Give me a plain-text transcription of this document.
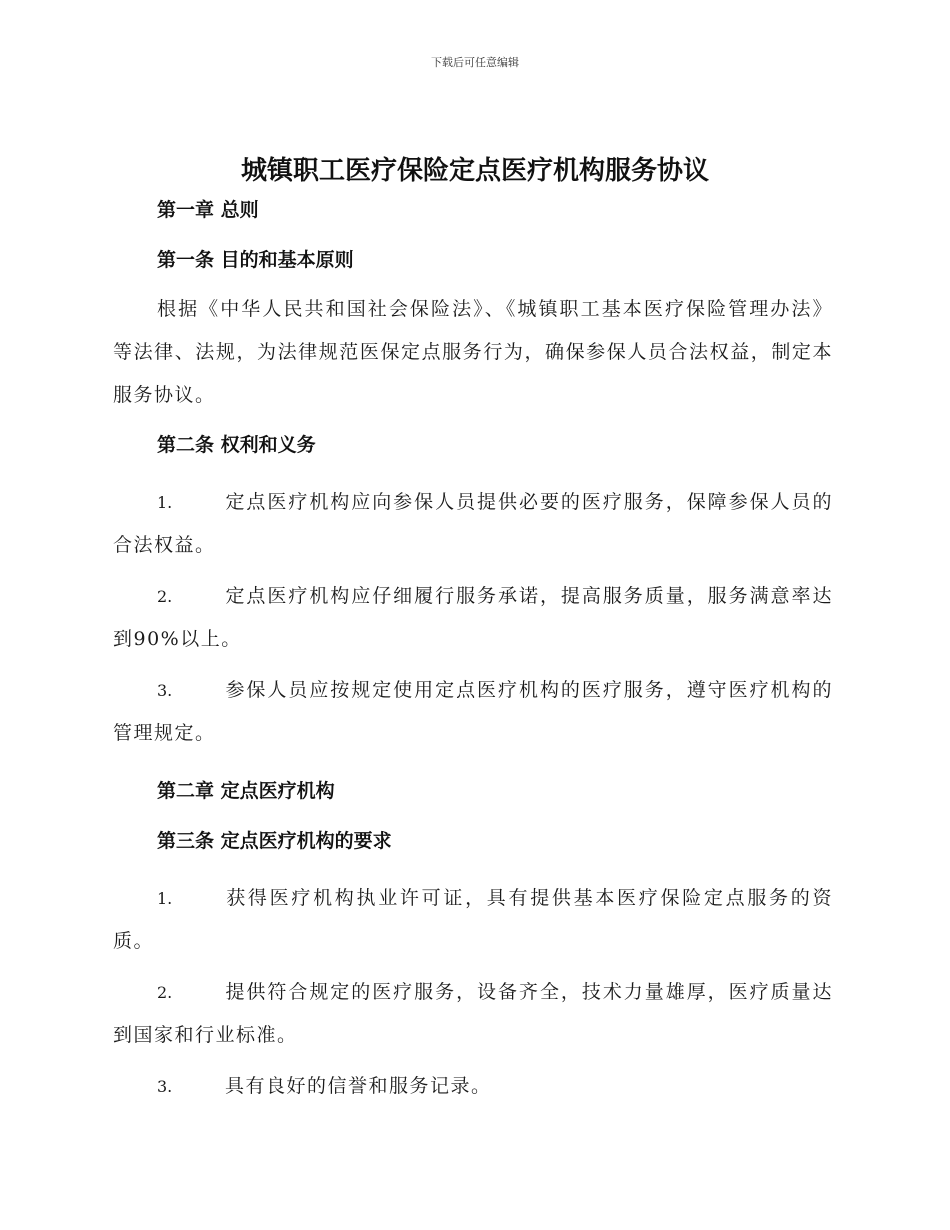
下载后可任意编辑
城镇职工医疗保险定点医疗机构服务协议

第一章 总则

第一条 目的和基本原则

根据《中华人民共和国社会保险法》、《城镇职工基本医疗保险管理办法》等法律、法规，为法律规范医保定点服务行为，确保参保人员合法权益，制定本服务协议。

第二条 权利和义务

1.	定点医疗机构应向参保人员提供必要的医疗服务，保障参保人员的合法权益。

2.	定点医疗机构应仔细履行服务承诺，提高服务质量，服务满意率达到90%以上。

3.	参保人员应按规定使用定点医疗机构的医疗服务，遵守医疗机构的管理规定。

第二章 定点医疗机构

第三条 定点医疗机构的要求

1.	获得医疗机构执业许可证，具有提供基本医疗保险定点服务的资质。

2.	提供符合规定的医疗服务，设备齐全，技术力量雄厚，医疗质量达到国家和行业标准。

3.	具有良好的信誉和服务记录。
